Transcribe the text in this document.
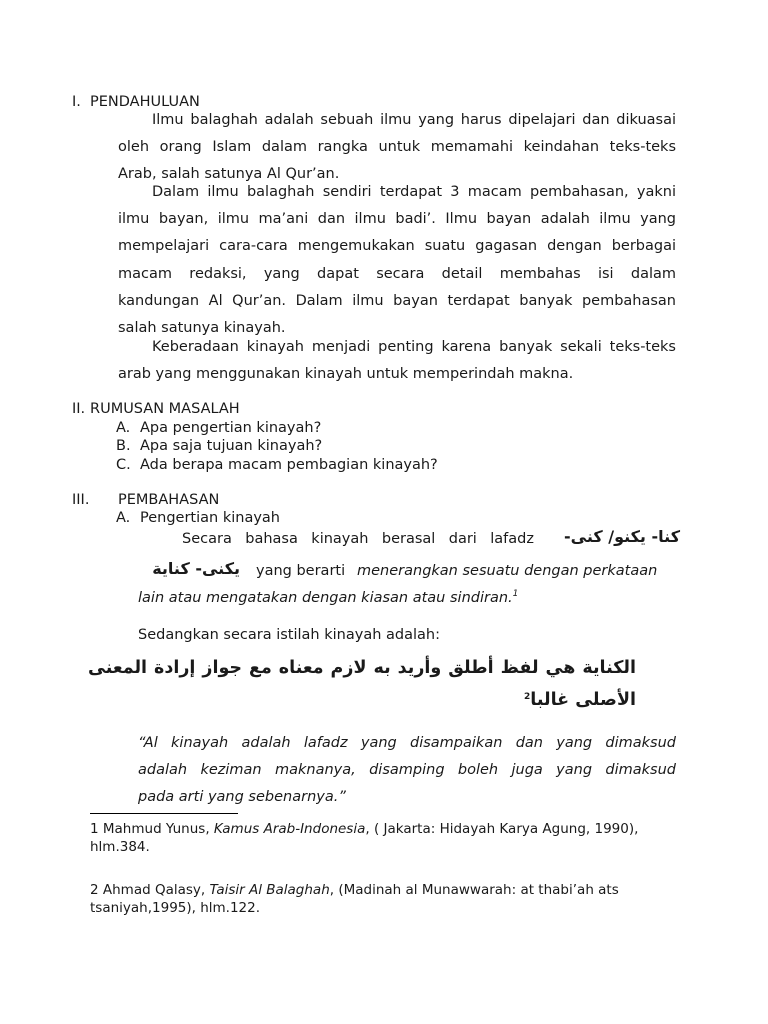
I. PENDAHULUAN
Ilmu balaghah adalah sebuah ilmu yang harus dipelajari dan dikuasai
oleh orang Islam dalam rangka untuk memamahi keindahan teks-teks
Arab, salah satunya Al Qur’an.
Dalam ilmu balaghah sendiri terdapat 3 macam pembahasan, yakni
ilmu bayan, ilmu ma’ani dan ilmu badi’. Ilmu bayan adalah ilmu yang
mempelajari cara-cara mengemukakan suatu gagasan dengan berbagai
macam redaksi, yang dapat secara detail membahas isi dalam
kandungan Al Qur’an. Dalam ilmu bayan terdapat banyak pembahasan
salah satunya kinayah.
Keberadaan kinayah menjadi penting karena banyak sekali teks-teks
arab yang menggunakan kinayah untuk memperindah makna.
II. RUMUSAN MASALAH
A. Apa pengertian kinayah?
B. Apa saja tujuan kinayah?
C. Ada berapa macam pembagian kinayah?
III. PEMBAHASAN
A. Pengertian kinayah
Secara bahasa kinayah berasal dari lafadz	كنا- يكنو/ كنى-
يكنى- كناية yang berarti menerangkan sesuatu dengan perkataan
lain atau mengatakan dengan kiasan atau sindiran.$^1$
Sedangkan secara istilah kinayah adalah:
الكناية هي لفظ أطلق وأريد به لازم معناه مع جواز إرادة المعنى
الأصلى غالبا$^2$
“Al kinayah adalah lafadz yang disampaikan dan yang dimaksud
adalah keziman maknanya, disamping boleh juga yang dimaksud
pada arti yang sebenarnya.”
1 Mahmud Yunus, Kamus Arab-Indonesia, ( Jakarta: Hidayah Karya Agung, 1990),
hlm.384.
2 Ahmad Qalasy, Taisir Al Balaghah, (Madinah al Munawwarah: at thabi’ah ats
tsaniyah,1995), hlm.122.
